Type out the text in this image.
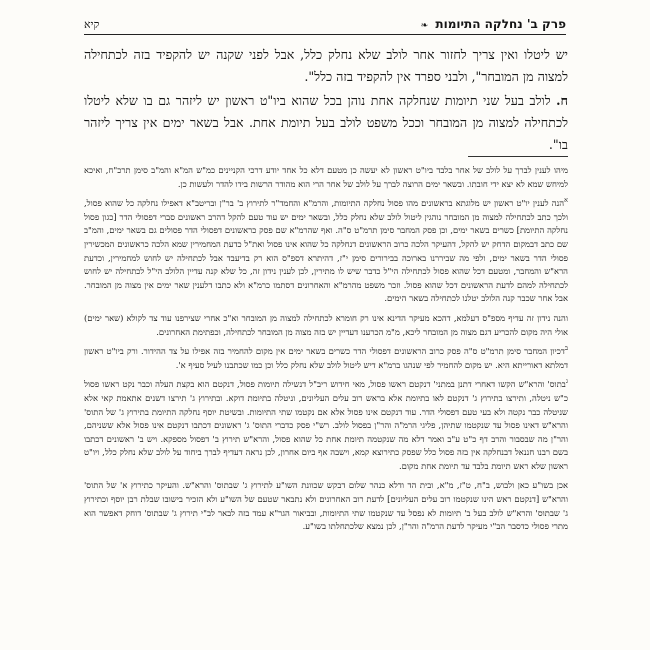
פרק ב' נחלקה התיומות ❧
קיא

יש ליטלו ואין צריך לחזור אחר לולב שלא נחלק כלל, אבל לפני שקנה יש להקפיד בזה לכתחילה למצוה מן המובחר", ולבני ספרד אין להקפיד בזה כלל".

ח. לולב בעל שני תיומות שנחלקה אחת נוהן בכל שהוא ביו"ט ראשון יש ליזהר גם בו שלא ליטלו לכתחילה למצוה מן המובחר וככל משפט לולב בעל תיומת אחת. אבל בשאר ימים אין צריך ליזהר בו".

מיהו לענין לברך על לולב של אחר בלבד ביו"ט ראשון לא יעשה כן מטעם דלא כל אחד יודע דרכי הקניינים כמ"ש המ"א והמ"ב סימן תרכ"ח, ואיכא למיחש שמא לא יצא ידי חובתו. ובשאר ימים הרוצה לברך על לולב של אחר הרי הוא מהודר הרשות בידו להדר ולעשות כן.

$^א$הנה לענין יו"ט ראשון יש מלוגתא בראשונים מהו פסול נחלקה התיומות, והרמ"א והחמד"ר לתירוץ ב' בר"ן ובריטב"א דאפילו נחלקה כל שהוא פסול, ולכך כתב לכתחילה למצוה מן המובחר נוהגין ליטול לולב שלא נחלק כלל, ובשאר ימים יש עוד טעם להקל דהרב ראשונים סברי דפסולי הדר [כגון פסול נחלקה התיומת] כשרים בשאר ימים, וכן פסק המחבר סימן תרמ"ט ס"ה. ואף שהרמ"א שם פסק כראשונים דפסולי הדר פסולים גם בשאר ימים, והמ"ב שם כתב דבמקום הדחק יש להקל, דהעיקר הלכה כרוב הראשונים דנחלקה כל שהוא אינו פסול ואת"ל כדעת המחמירין שמא הלכה כראשונים המכשירין פסולי הדר בשאר ימים, ולפי מה שביררנו בארוכה בבירורים סימן י"ז, דהיתרא דספ"ס הוא רק בדיעבד אבל לכתחילה יש לחוש למחמירין, וכדעת הרא"ש והמחבר, ומטעם דכל שהוא פסול לכתחילה הי"ל כדבר שיש לו מתירין, לכן לענין נידון זה, כל שלא קנה עדיין הלולב הי"ל לכתחילה יש לחוש לכתחילה למהם לדעת הראשונים דכל שהוא פסול. וזכר משפט מהרמ"א והאחרונים דסתמו כרמ"א ולא כתבו דלענין שאר ימים אין מצוה מן המובחר. אבל אחר שכבר קנה הלולב יטלנו לכתחילה בשאר הימים.

והנה נידון זה עדיף מספ"ס דעלמא, דהכא מעיקר הדינא אינו רק חומרא לכתחילה למצוה מן המובחר וא"כ אחרי שצירפנו עוד צד לקולא (שאר ימים) אולי היה מקום להכריע דגם מצוה מן המובחר ליכא, מ"מ הכרענו דעדיין יש בזה מצוה מן המובחר לכתחילה, וכפתימת האחרונים.

$^ב$דכיון המחבר סימן תרמ"ט ס"ה פסק כרוב הראשונים דפסולי הדר כשרים בשאר ימים אין מקום להחמיר בזה אפילו על צד ההידור. ורק ביו"ט ראשון דמלתא דאורייתא היא. יש מקום להחמיר לפי שנהגו ברמ"א דיש ליטול לולב שלא נחלק כלל וכן כמו שכתבנו לעיל סעיף א'.

$^ג$בתוס' והרא"ש הקשו דאחרי דתנן במתני' דנקטם ראשו פסול, מאי חידוש ריב"ל דנשילה תיומות פסול, דנקטם הוא בקצת העלה וכבר נקט ראשו פסול כ"ש ניטלה, ותירצו בתירוץ ג' דנקטם לאו בתיומת אלא בראש רוב עלים העליונים, וניטלה בתיומת דוקא. ובתירוץ ג' תירצו דשנים אתאמת קאי אלא שניטלה כבר נקטה ולא בעי טעם דפסולי הדר. עוד דנקטם אינו פסול אלא אם נקטמו שתי התיומות. ובשיטת יוסף נחלקה התיומת בתירוץ ג' של התוס' והרא"ש דאינו פסול עד שנקטמו שתיהן, פליגי הרמ"ה והר"ן בפסול לולב. רש"י פסק כדברי התוס' ג' ראשונים דכתבו דנקטם אינו פסול אלא ששניהם, והר"ן מה שבסבור והרב דף כ"ט ע"ב ואמר דלא מה שנקטמה תיומת אחת כל שהוא פסול, והרא"ש תירוץ ב' דפסול מספקא. ויש ב' ראשונים דכתבו בשם רבנו חננאל דבנחלקה אין בזה פסול כלל שפסק כתירוצא קמא, וישבה אף ביום אחרון, לכן נראה דעדיף לברך ביחוד על לולב שלא נחלק כלל, ויו"ט ראשון שלא ראש תיומת בלבד עד תיומת אחת מקום.

אכן בשו"ע כאן ולבוש, ב"ח, ט"ז, מ"א, ובית הד ודלא כנהר שלום דבקש שכוונת השו"ע לתירוץ ג' שבתוס' והרא"ש. והעיקר כתירוץ א' של התוס' והרא"ש [דנקטם ראש הינו שנקטמו רוב עלים העליונים] לדעת רוב האחרונים ולא נתבאר שטעם של השו"ע ולא הזכיר בישובו שבלת רבן יוסף וכתירוץ ג' שבתוס' והרא"ש לולב בעל ב' תיומות לא נפסל עד שנקטמו שתי התיומות, ובביאור הגר"א עמד בזה לבאר לב"י תירוץ ג' שבתוס' דוחק דאפשר הוא מתרי פסולי כדסבר הב"י מעיקר לדעת הרמ"ה והר"ן, לכן נמצא שלכתחלתו בשו"ע.
